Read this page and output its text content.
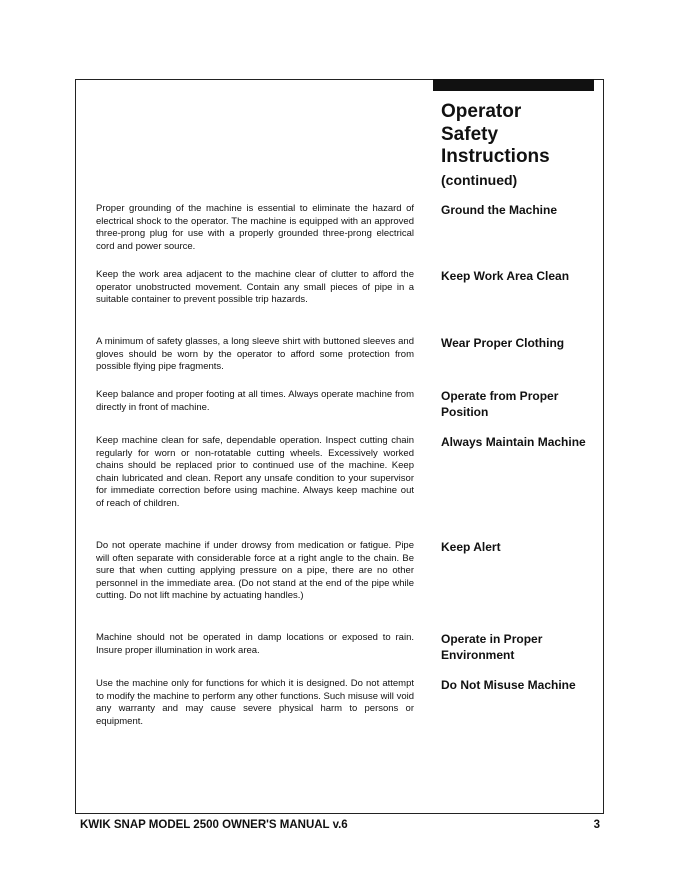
Operator
Safety
Instructions
(continued)

Proper grounding of the machine is essential to eliminate the hazard of electrical shock to the operator. The machine is equipped with an approved three-prong plug for use with a properly grounded three-prong electrical cord and power source.

Ground the Machine

Keep the work area adjacent to the machine clear of clutter to afford the operator unobstructed movement. Contain any small pieces of pipe in a suitable container to prevent possible trip hazards.

Keep Work Area Clean

A minimum of safety glasses, a long sleeve shirt with buttoned sleeves and gloves should be worn by the operator to afford some protection from possible flying pipe fragments.

Wear Proper Clothing

Keep balance and proper footing at all times. Always operate machine from directly in front of machine.

Operate from Proper Position

Keep machine clean for safe, dependable operation. Inspect cutting chain regularly for worn or non-rotatable cutting wheels. Excessively worked chains should be replaced prior to continued use of the machine. Keep chain lubricated and clean. Report any unsafe condition to your supervisor for immediate correction before using machine. Always keep machine out of reach of children.

Always Maintain Machine

Do not operate machine if under drowsy from medication or fatigue. Pipe will often separate with considerable force at a right angle to the chain. Be sure that when cutting applying pressure on a pipe, there are no other personnel in the immediate area. (Do not stand at the end of the pipe while cutting. Do not lift machine by actuating handles.)

Keep Alert

Machine should not be operated in damp locations or exposed to rain. Insure proper illumination in work area.

Operate in Proper Environment

Use the machine only for functions for which it is designed. Do not attempt to modify the machine to perform any other functions. Such misuse will void any warranty and may cause severe physical harm to persons or equipment.

Do Not Misuse Machine
KWIK SNAP MODEL 2500 OWNER'S MANUAL v.6	3
